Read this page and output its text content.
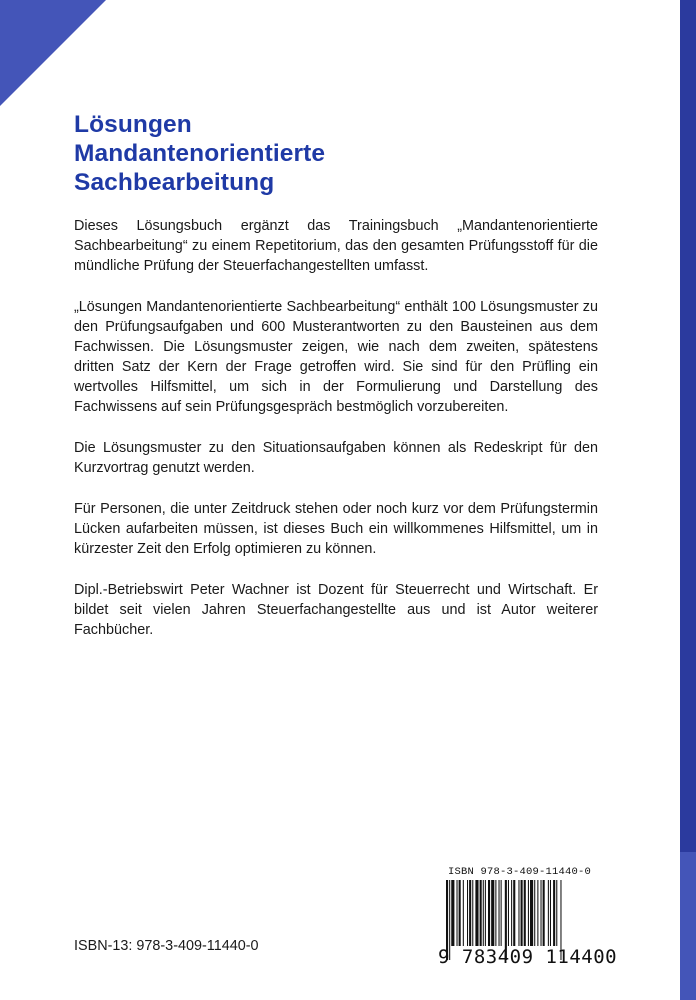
Lösungen
Mandantenorientierte
Sachbearbeitung

Dieses Lösungsbuch ergänzt das Trainingsbuch „Mandantenorientierte Sachbearbeitung“ zu einem Repetitorium, das den gesamten Prüfungsstoff für die mündliche Prüfung der Steuerfachangestellten umfasst.

„Lösungen Mandantenorientierte Sachbearbeitung“ enthält 100 Lösungsmuster zu den Prüfungsaufgaben und 600 Musterantworten zu den Bausteinen aus dem Fachwissen. Die Lösungsmuster zeigen, wie nach dem zweiten, spätestens dritten Satz der Kern der Frage getroffen wird. Sie sind für den Prüfling ein wertvolles Hilfsmittel, um sich in der Formulierung und Darstellung des Fachwissens auf sein Prüfungsgespräch bestmöglich vorzubereiten.

Die Lösungsmuster zu den Situationsaufgaben können als Redeskript für den Kurzvortrag genutzt werden.

Für Personen, die unter Zeitdruck stehen oder noch kurz vor dem Prüfungstermin Lücken aufarbeiten müssen, ist dieses Buch ein willkommenes Hilfsmittel, um in kürzester Zeit den Erfolg optimieren zu können.

Dipl.-Betriebswirt Peter Wachner ist Dozent für Steuerrecht und Wirtschaft. Er bildet seit vielen Jahren Steuerfachangestellte aus und ist Autor weiterer Fachbücher.

ISBN-13: 978-3-409-11440-0
ISBN 978-3-409-11440-0
9 783409 114400
